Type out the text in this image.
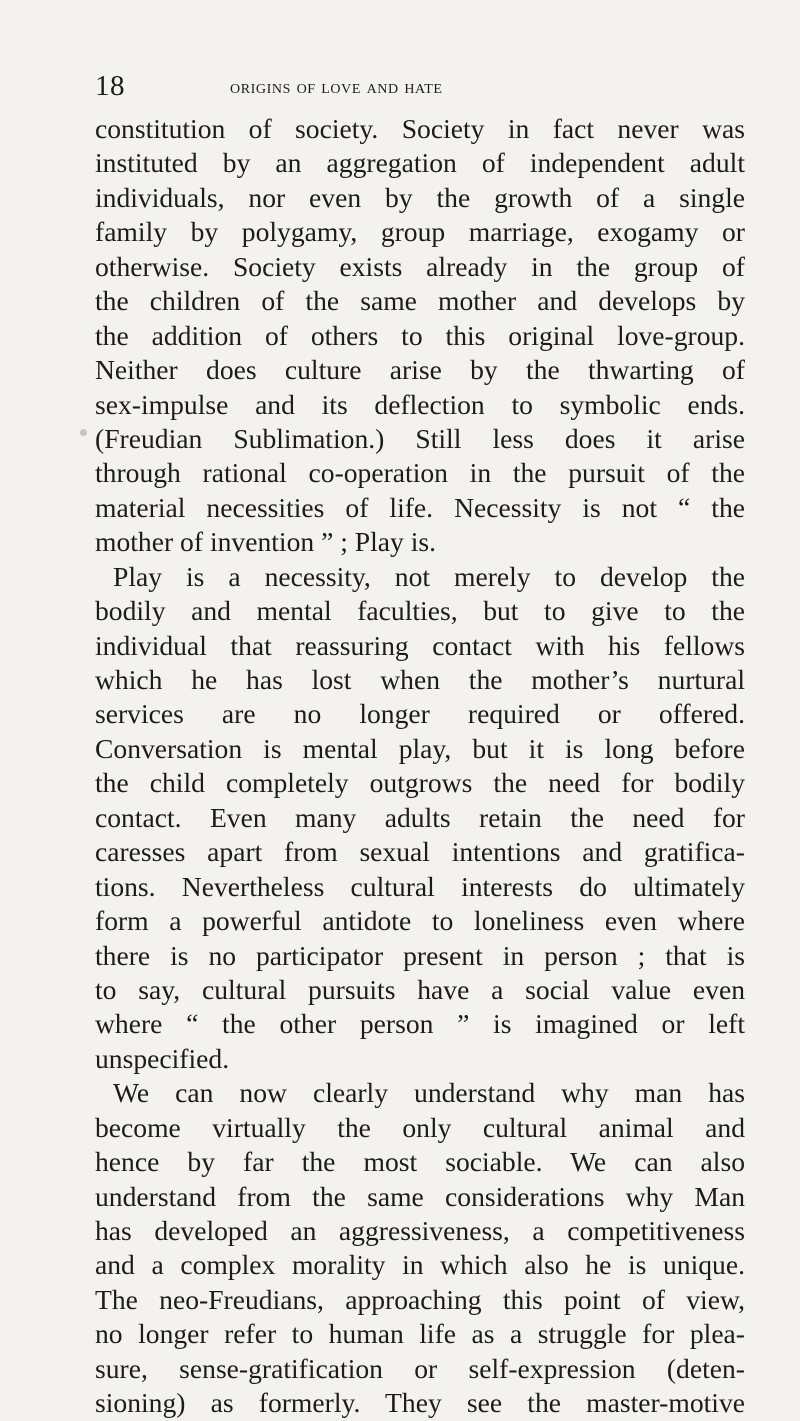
18	origins of love and hate
constitution of society. Society in fact never was
instituted by an aggregation of independent adult
individuals, nor even by the growth of a single
family by polygamy, group marriage, exogamy or
otherwise. Society exists already in the group of
the children of the same mother and develops by
the addition of others to this original love-group.
Neither does culture arise by the thwarting of
sex-impulse and its deflection to symbolic ends.
(Freudian Sublimation.) Still less does it arise
through rational co-operation in the pursuit of the
material necessities of life. Necessity is not “ the
mother of invention ” ; Play is.
Play is a necessity, not merely to develop the
bodily and mental faculties, but to give to the
individual that reassuring contact with his fellows
which he has lost when the mother’s nurtural
services are no longer required or offered.
Conversation is mental play, but it is long before
the child completely outgrows the need for bodily
contact. Even many adults retain the need for
caresses apart from sexual intentions and gratifica-
tions. Nevertheless cultural interests do ultimately
form a powerful antidote to loneliness even where
there is no participator present in person ; that is
to say, cultural pursuits have a social value even
where “ the other person ” is imagined or left
unspecified.
We can now clearly understand why man has
become virtually the only cultural animal and
hence by far the most sociable. We can also
understand from the same considerations why Man
has developed an aggressiveness, a competitiveness
and a complex morality in which also he is unique.
The neo-Freudians, approaching this point of view,
no longer refer to human life as a struggle for plea-
sure, sense-gratification or self-expression (deten-
sioning) as formerly. They see the master-motive
